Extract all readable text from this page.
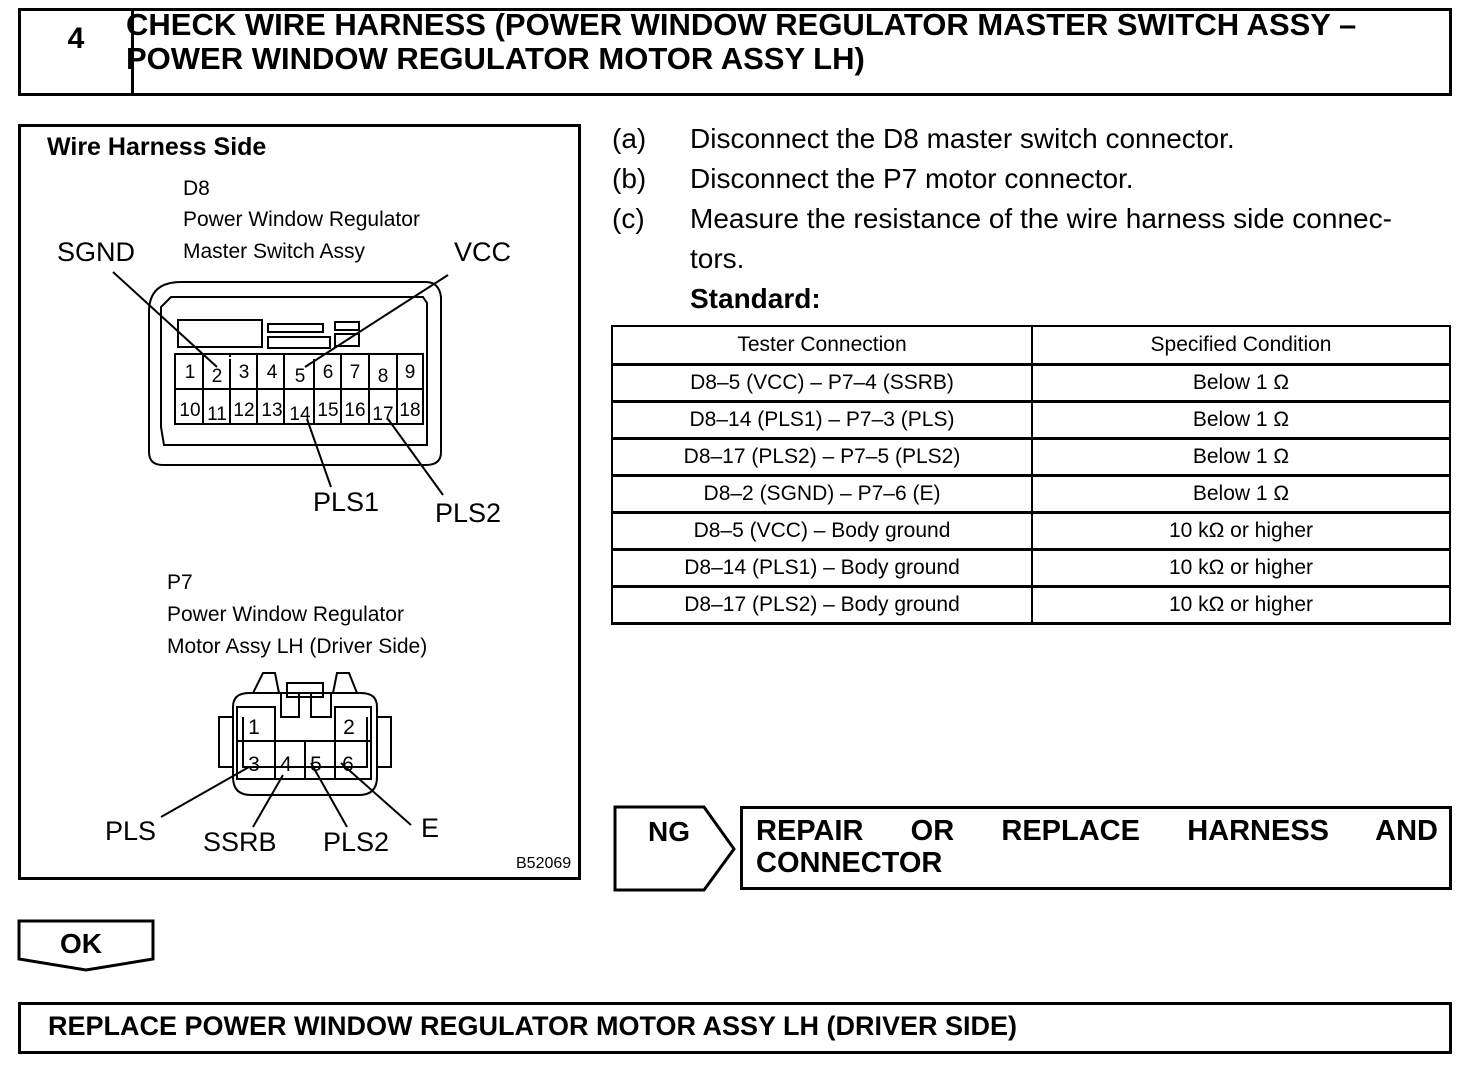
4	CHECK WIRE HARNESS (POWER WINDOW REGULATOR MASTER SWITCH ASSY – POWER WINDOW REGULATOR MOTOR ASSY LH)
Wire Harness Side
D8
Power Window Regulator
Master Switch Assy
SGND	VCC
PLS1 PLS2
1 2 3 4 5 6 7 8 9
10 11 12 13 14 15 16 17 18
P7
Power Window Regulator
Motor Assy LH (Driver Side)
1	2
3 4 5 6
PLS SSRB PLS2 E
B52069
(a) Disconnect the D8 master switch connector.
(b) Disconnect the P7 motor connector.
(c) Measure the resistance of the wire harness side connec-
tors.
Standard:
Tester Connection	Specified Condition
D8–5 (VCC) – P7–4 (SSRB)	Below 1 Ω
D8–14 (PLS1) – P7–3 (PLS)	Below 1 Ω
D8–17 (PLS2) – P7–5 (PLS2)	Below 1 Ω
D8–2 (SGND) – P7–6 (E)	Below 1 Ω
D8–5 (VCC) – Body ground	10 kΩ or higher
D8–14 (PLS1) – Body ground	10 kΩ or higher
D8–17 (PLS2) – Body ground	10 kΩ or higher
NG REPAIR OR REPLACE HARNESS AND CONNECTOR
OK
REPLACE POWER WINDOW REGULATOR MOTOR ASSY LH (DRIVER SIDE)
